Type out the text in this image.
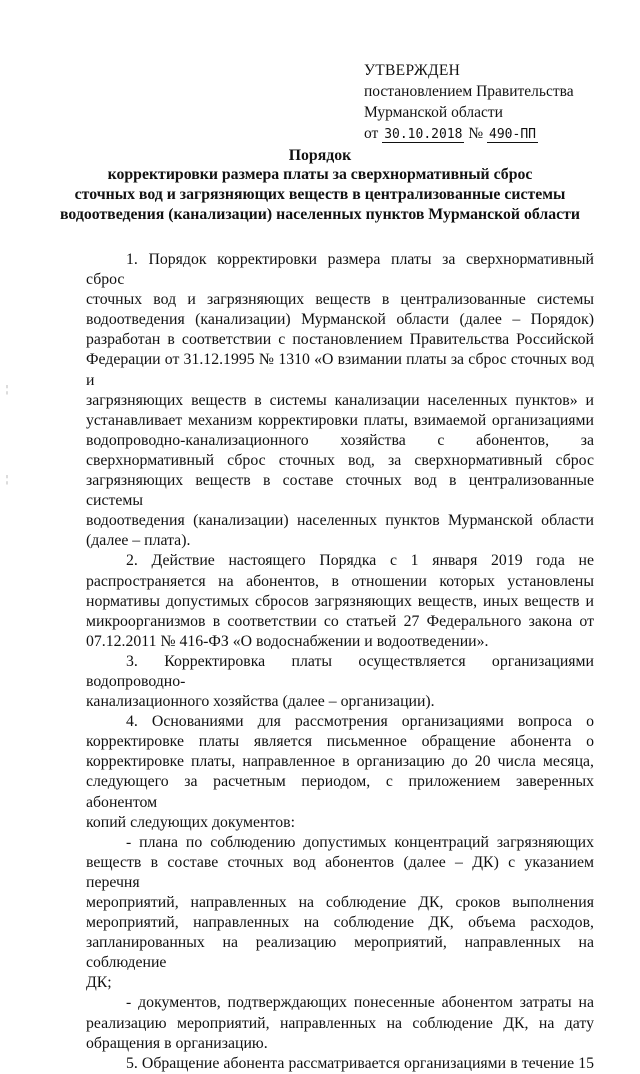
УТВЕРЖДЕН
постановлением Правительства
Мурманской области
от 30.10.2018 № 490-ПП
Порядок
корректировки размера платы за сверхнормативный сброс
сточных вод и загрязняющих веществ в централизованные системы
водоотведения (канализации) населенных пунктов Мурманской области

1. Порядок корректировки размера платы за сверхнормативный сброс

сточных вод и загрязняющих веществ в централизованные системы

водоотведения (канализации) Мурманской области (далее – Порядок)

разработан в соответствии с постановлением Правительства Российской

Федерации от 31.12.1995 № 1310 «О взимании платы за сброс сточных вод и

загрязняющих веществ в системы канализации населенных пунктов» и

устанавливает механизм корректировки платы, взимаемой организациями

водопроводно-канализационного хозяйства с абонентов, за

сверхнормативный сброс сточных вод, за сверхнормативный сброс

загрязняющих веществ в составе сточных вод в централизованные системы

водоотведения (канализации) населенных пунктов Мурманской области

(далее – плата).

2. Действие настоящего Порядка с 1 января 2019 года не

распространяется на абонентов, в отношении которых установлены

нормативы допустимых сбросов загрязняющих веществ, иных веществ и

микроорганизмов в соответствии со статьей 27 Федерального закона от

07.12.2011 № 416-ФЗ «О водоснабжении и водоотведении».

3. Корректировка платы осуществляется организациями водопроводно-

канализационного хозяйства (далее – организации).

4. Основаниями для рассмотрения организациями вопроса о

корректировке платы является письменное обращение абонента о

корректировке платы, направленное в организацию до 20 числа месяца,

следующего за расчетным периодом, с приложением заверенных абонентом

копий следующих документов:

- плана по соблюдению допустимых концентраций загрязняющих

веществ в составе сточных вод абонентов (далее – ДК) с указанием перечня

мероприятий, направленных на соблюдение ДК, сроков выполнения

мероприятий, направленных на соблюдение ДК, объема расходов,

запланированных на реализацию мероприятий, направленных на соблюдение

ДК;

- документов, подтверждающих понесенные абонентом затраты на

реализацию мероприятий, направленных на соблюдение ДК, на дату

обращения в организацию.

5. Обращение абонента рассматривается организациями в течение 15

¦
¦
